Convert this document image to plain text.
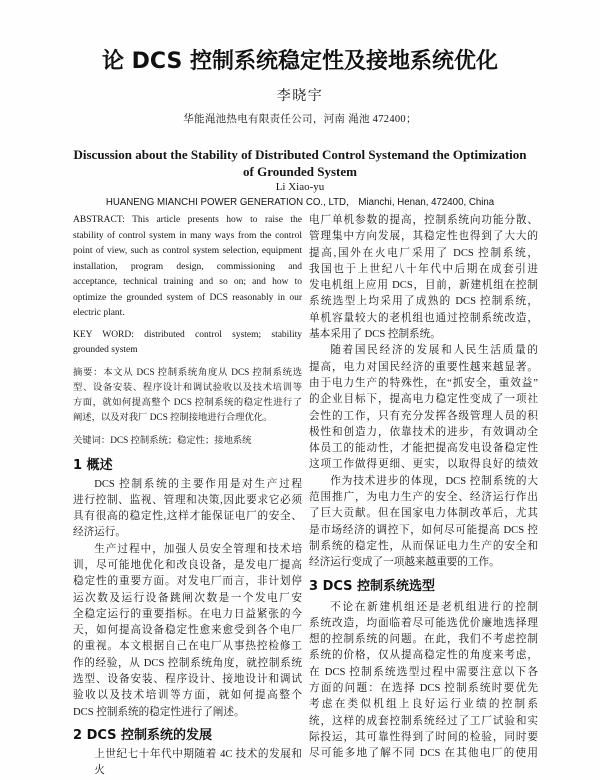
论 DCS 控制系统稳定性及接地系统优化
李晓宇
华能渑池热电有限责任公司，河南 渑池 472400；
Discussion about the Stability of Distributed Control Systemand the Optimization
of Grounded System
Li Xiao-yu
HUANENG MIANCHI POWER GENERATION CO., LTD， Mianchi, Henan, 472400, China
ABSTRACT: This article presents how to raise the
stability of control system in many ways from the control
point of view, such as control system selection, equipment
installation, program design, commissioning and
acceptance, technical training and so on; and how to
optimize the grounded system of DCS reasonably in our
electric plant.
KEY WORD: distributed control system; stability
grounded system
摘要：本文从 DCS 控制系统角度从 DCS 控制系统选
型、设备安装、程序设计和调试验收以及技术培训等
方面，就如何提高整个 DCS 控制系统的稳定性进行了
阐述，以及对我厂 DCS 控制接地进行合理优化。
关键词：DCS 控制系统；稳定性；接地系统
1 概述
DCS 控制系统的主要作用是对生产过程
进行控制、监视、管理和决策,因此要求它必须
具有很高的稳定性,这样才能保证电厂的安全、
经济运行。
生产过程中，加强人员安全管理和技术培
训，尽可能地优化和改良设备，是发电厂提高
稳定性的重要方面。对发电厂而言，非计划停
运次数及运行设备跳闸次数是一个发电厂安
全稳定运行的重要指标。在电力日益紧张的今
天，如何提高设备稳定性愈来愈受到各个电厂
的重视。本文根据自己在电厂从事热控检修工
作的经验，从 DCS 控制系统角度，就控制系统
选型、设备安装、程序设计、接地设计和调试
验收以及技术培训等方面，就如何提高整个
DCS 控制系统的稳定性进行了阐述。
2 DCS 控制系统的发展
上世纪七十年代中期随着 4C 技术的发展和火
电厂单机参数的提高，控制系统向功能分散、
管理集中方向发展，其稳定性也得到了大大的
提高,国外在火电厂采用了 DCS 控制系统，
我国也于上世纪八十年代中后期在成套引进
发电机组上应用 DCS，目前，新建机组在控制
系统选型上均采用了成熟的 DCS 控制系统，
单机容量较大的老机组也通过控制系统改造，
基本采用了 DCS 控制系统。
随着国民经济的发展和人民生活质量的
提高，电力对国民经济的重要性越来越显著。
由于电力生产的特殊性，在“抓安全，重效益”
的企业目标下，提高电力稳定性变成了一项社
会性的工作，只有充分发挥各级管理人员的积
极性和创造力，依靠技术的进步，有效调动全
体员工的能动性，才能把提高发电设备稳定性
这项工作做得更细、更实，以取得良好的绩效
作为技术进步的体现，DCS 控制系统的大
范围推广，为电力生产的安全、经济运行作出
了巨大贡献。但在国家电力体制改革后，尤其
是市场经济的调控下，如何尽可能提高 DCS 控
制系统的稳定性，从而保证电力生产的安全和
经济运行变成了一项越来越重要的工作。
3 DCS 控制系统选型
不论在新建机组还是老机组进行的控制
系统改造，均面临着尽可能选优价廉地选择理
想的控制系统的问题。在此，我们不考虑控制
系统的价格，仅从提高稳定性的角度来考虑，
在 DCS 控制系统选型过程中需要注意以下各
方面的问题：在选择 DCS 控制系统时要优先
考虑在类似机组上良好运行业绩的控制系
统，这样的成套控制系统经过了工厂试验和实
际投运，其可靠性得到了时间的检验，同时要
尽可能多地了解不同 DCS 在其他电厂的使用
